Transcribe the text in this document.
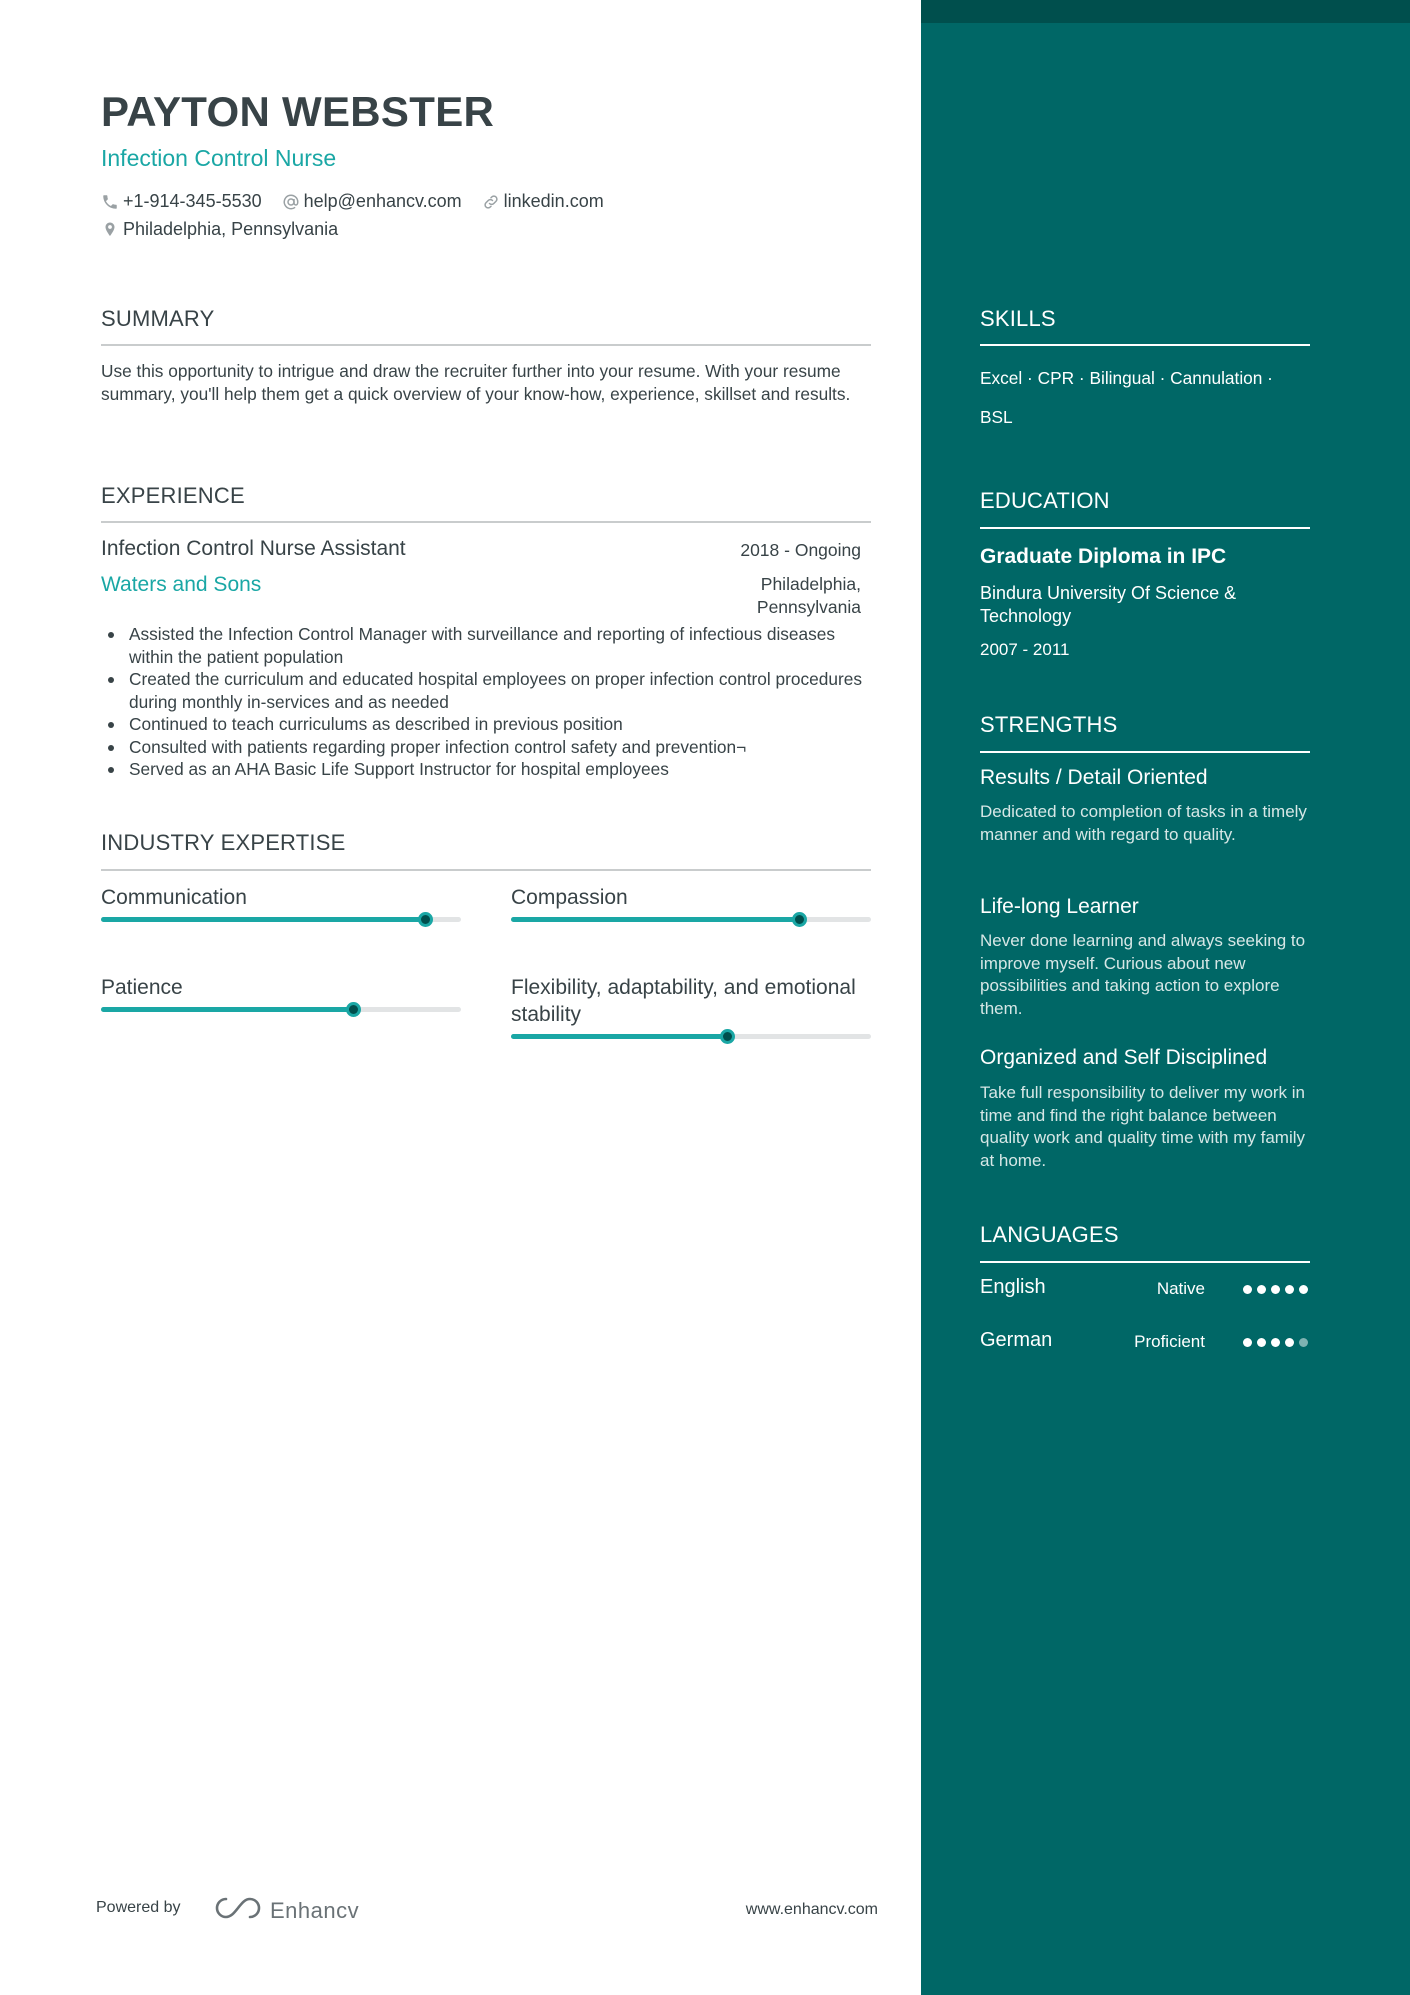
PAYTON WEBSTER
Infection Control Nurse
+1-914-345-5530 help@enhancv.com linkedin.com
Philadelphia, Pennsylvania
SUMMARY
Use this opportunity to intrigue and draw the recruiter further into your resume. With your resume summary, you'll help them get a quick overview of your know-how, experience, skillset and results.
EXPERIENCE
Infection Control Nurse Assistant	2018 - Ongoing
Waters and Sons	Philadelphia, Pennsylvania
Assisted the Infection Control Manager with surveillance and reporting of infectious diseases within the patient population
Created the curriculum and educated hospital employees on proper infection control procedures during monthly in-services and as needed
Continued to teach curriculums as described in previous position
Consulted with patients regarding proper infection control safety and prevention¬
Served as an AHA Basic Life Support Instructor for hospital employees
INDUSTRY EXPERTISE
Communication	Compassion
Patience	Flexibility, adaptability, and emotional stability
Powered by	Enhancv	www.enhancv.com
SKILLS
Excel · CPR · Bilingual · Cannulation · BSL
EDUCATION
Graduate Diploma in IPC
Bindura University Of Science & Technology
2007 - 2011
STRENGTHS
Results / Detail Oriented
Dedicated to completion of tasks in a timely manner and with regard to quality.
Life-long Learner
Never done learning and always seeking to improve myself. Curious about new possibilities and taking action to explore them.
Organized and Self Disciplined
Take full responsibility to deliver my work in time and find the right balance between quality work and quality time with my family at home.
LANGUAGES
English	Native
German	Proficient
